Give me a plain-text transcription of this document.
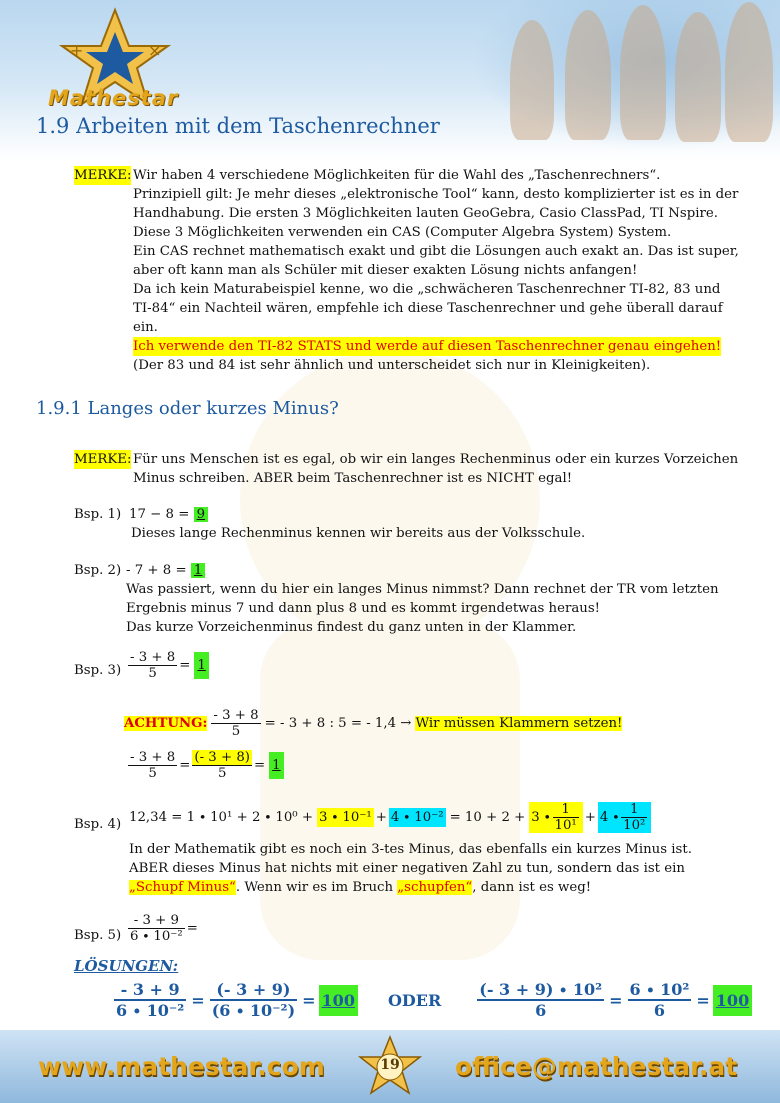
+	×
Mathestar
1.9 Arbeiten mit dem Taschenrechner
MERKE: Wir haben 4 verschiedene Möglichkeiten für die Wahl des „Taschenrechners“.
Prinzipiell gilt: Je mehr dieses „elektronische Tool“ kann, desto komplizierter ist es in der
Handhabung. Die ersten 3 Möglichkeiten lauten GeoGebra, Casio ClassPad, TI Nspire.
Diese 3 Möglichkeiten verwenden ein CAS (Computer Algebra System) System.
Ein CAS rechnet mathematisch exakt und gibt die Lösungen auch exakt an. Das ist super,
aber oft kann man als Schüler mit dieser exakten Lösung nichts anfangen!
Da ich kein Maturabeispiel kenne, wo die „schwächeren Taschenrechner TI-82, 83 und
TI-84“ ein Nachteil wären, empfehle ich diese Taschenrechner und gehe überall darauf
ein.
Ich verwende den TI-82 STATS und werde auf diesen Taschenrechner genau eingehen!
(Der 83 und 84 ist sehr ähnlich und unterscheidet sich nur in Kleinigkeiten).
1.9.1 Langes oder kurzes Minus?
MERKE: Für uns Menschen ist es egal, ob wir ein langes Rechenminus oder ein kurzes Vorzeichen
Minus schreiben. ABER beim Taschenrechner ist es NICHT egal!
Bsp. 1) 17 − 8 = 9
Dieses lange Rechenminus kennen wir bereits aus der Volksschule.
Bsp. 2) - 7 + 8 = 1
Was passiert, wenn du hier ein langes Minus nimmst? Dann rechnet der TR vom letzten
Ergebnis minus 7 und dann plus 8 und es kommt irgendetwas heraus!
Das kurze Vorzeichenminus findest du ganz unten in der Klammer.
Bsp. $3) \frac{- 3 + 8}{5} = 1$
ACHTUNG: $\frac{- 3 + 8}{5}$ = - 3 + 8 : 5 = - 1,4 → Wir müssen Klammern setzen!
$\frac{- 3 + 8}{5} = \frac{(- 3 + 8)}{5} = 1$
Bsp. 4) $12,34 = 1 \cdot 10^1 + 2 \cdot 10^0 + 3 \cdot 10^{-1} + 4 \cdot 10^{-2} = 10 + 2 + 3 \cdot \frac{1}{\text{10¹}} + 4 \cdot \frac{1}{\text{10²}}$
In der Mathematik gibt es noch ein 3-tes Minus, das ebenfalls ein kurzes Minus ist.
ABER dieses Minus hat nichts mit einer negativen Zahl zu tun, sondern das ist ein
„Schupf Minus“. Wenn wir es im Bruch „schupfen“, dann ist es weg!
Bsp. $5) \frac{- 3 + 9}{\text{6 ∙ 10⁻²}}$ =
LÖSUNGEN:
$\frac{- 3 + 9}{\text{6 ∙ 10⁻²}} = \frac{(- 3 + 9)}{\text{(6 ∙ 10⁻²)}} = 100$ ODER $\frac{\text{(- 3 + 9) ∙ 10²}}{6} = \frac{\text{6 ∙ 10²}}{6} = 100$
www.mathestar.com	office@mathestar.at
19
